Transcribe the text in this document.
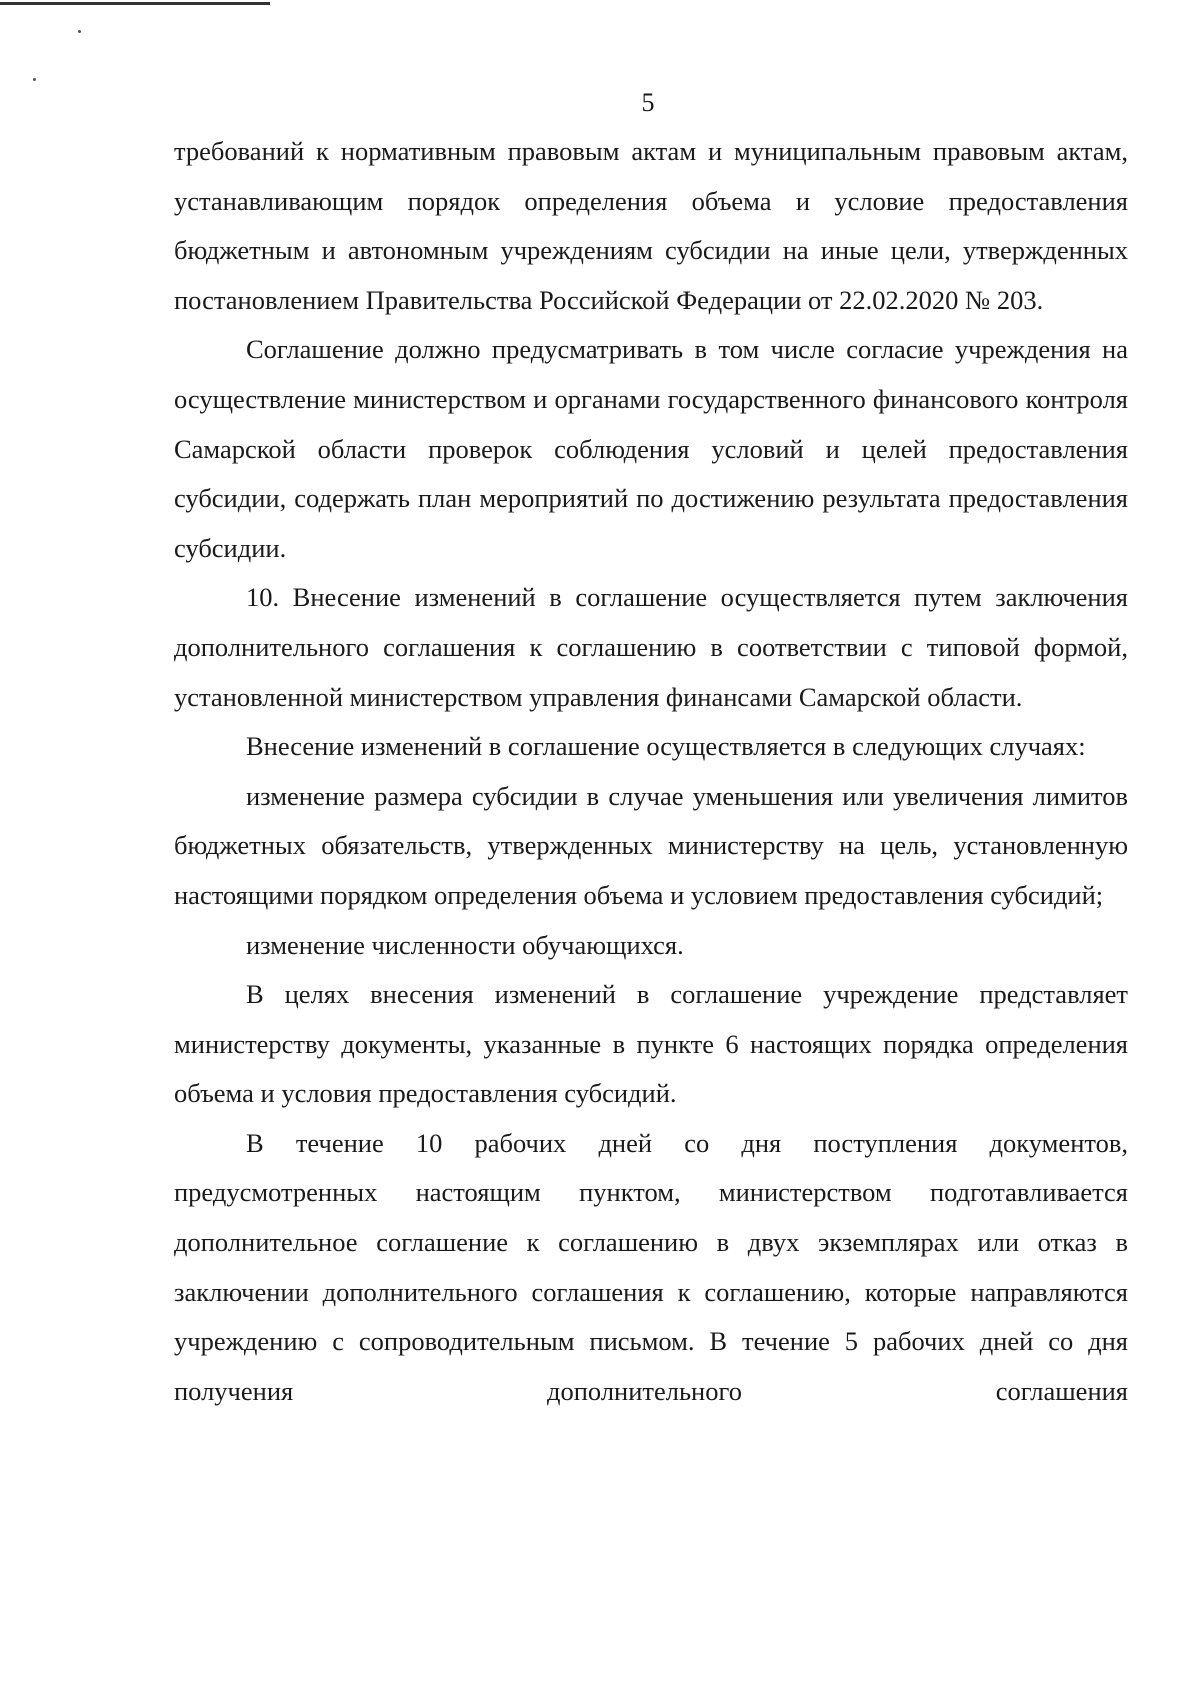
5

требований к нормативным правовым актам и муниципальным правовым актам, устанавливающим порядок определения объема и условие предоставления бюджетным и автономным учреждениям субсидии на иные цели, утвержденных постановлением Правительства Российской Федерации от 22.02.2020 № 203.

Соглашение должно предусматривать в том числе согласие учреждения на осуществление министерством и органами государственного финансового контроля Самарской области проверок соблюдения условий и целей предоставления субсидии, содержать план мероприятий по достижению результата предоставления субсидии.

10. Внесение изменений в соглашение осуществляется путем заключения дополнительного соглашения к соглашению в соответствии с типовой формой, установленной министерством управления финансами Самарской области.

Внесение изменений в соглашение осуществляется в следующих случаях:

изменение размера субсидии в случае уменьшения или увеличения лимитов бюджетных обязательств, утвержденных министерству на цель, установленную настоящими порядком определения объема и условием предоставления субсидий;

изменение численности обучающихся.

В целях внесения изменений в соглашение учреждение представляет министерству документы, указанные в пункте 6 настоящих порядка определения объема и условия предоставления субсидий.

В течение 10 рабочих дней со дня поступления документов, предусмотренных настоящим пунктом, министерством подготавливается дополнительное соглашение к соглашению в двух экземплярах или отказ в заключении дополнительного соглашения к соглашению, которые направляются учреждению с сопроводительным письмом. В течение 5 рабочих дней со дня получения дополнительного соглашения
